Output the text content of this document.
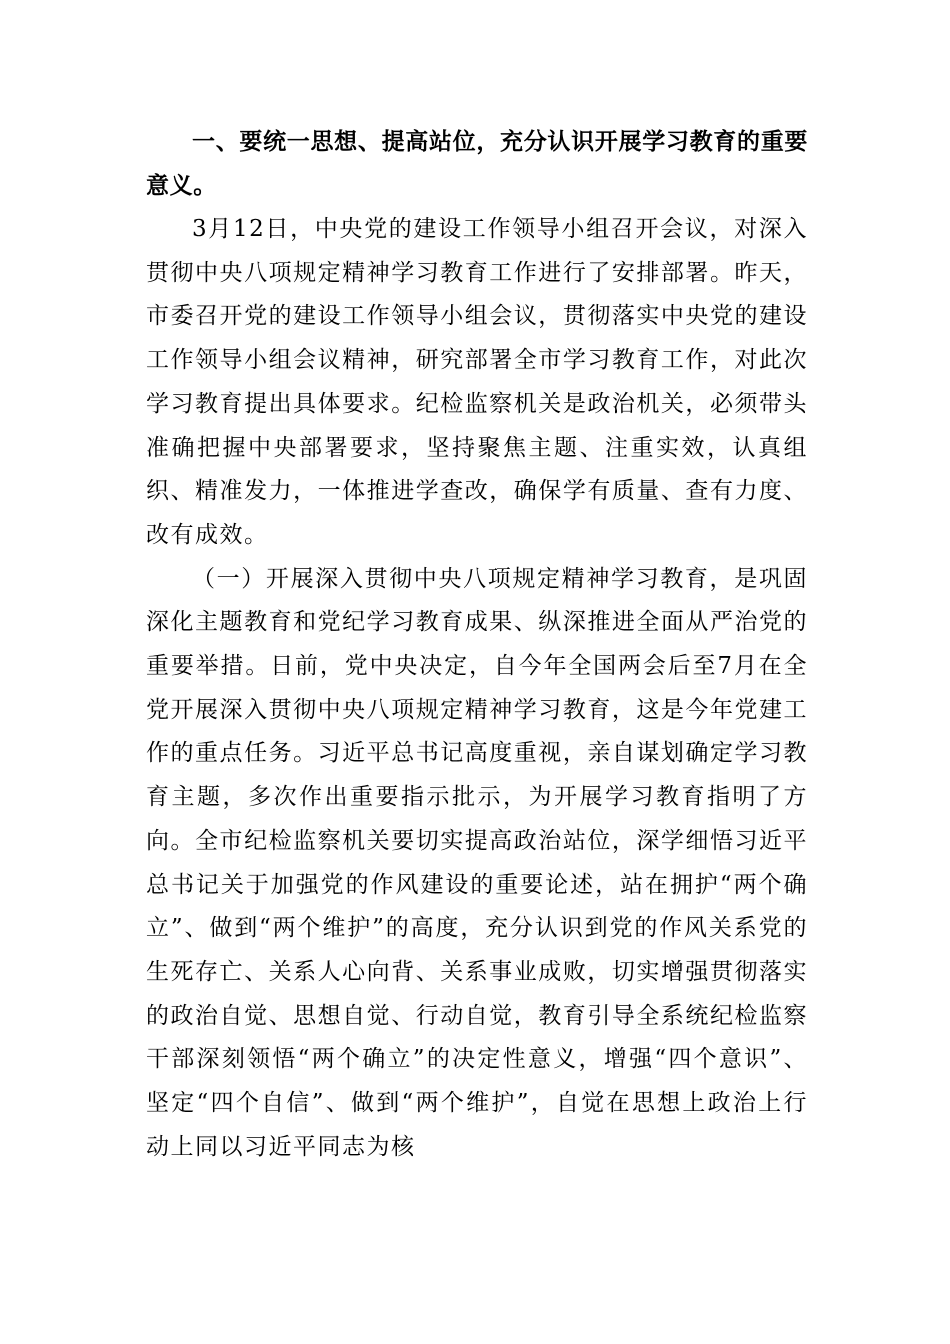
一、要统一思想、提高站位，充分认识开展学习教育的重要意义。

3月12日，中央党的建设工作领导小组召开会议，对深入贯彻中央八项规定精神学习教育工作进行了安排部署。昨天，市委召开党的建设工作领导小组会议，贯彻落实中央党的建设工作领导小组会议精神，研究部署全市学习教育工作，对此次学习教育提出具体要求。纪检监察机关是政治机关，必须带头准确把握中央部署要求，坚持聚焦主题、注重实效，认真组织、精准发力，一体推进学查改，确保学有质量、查有力度、改有成效。

（一）开展深入贯彻中央八项规定精神学习教育，是巩固深化主题教育和党纪学习教育成果、纵深推进全面从严治党的重要举措。日前，党中央决定，自今年全国两会后至7月在全党开展深入贯彻中央八项规定精神学习教育，这是今年党建工作的重点任务。习近平总书记高度重视，亲自谋划确定学习教育主题，多次作出重要指示批示，为开展学习教育指明了方向。全市纪检监察机关要切实提高政治站位，深学细悟习近平总书记关于加强党的作风建设的重要论述，站在拥护“两个确立”、做到“两个维护”的高度，充分认识到党的作风关系党的生死存亡、关系人心向背、关系事业成败，切实增强贯彻落实的政治自觉、思想自觉、行动自觉，教育引导全系统纪检监察干部深刻领悟“两个确立”的决定性意义，增强“四个意识”、坚定“四个自信”、做到“两个维护”，自觉在思想上政治上行动上同以习近平同志为核
